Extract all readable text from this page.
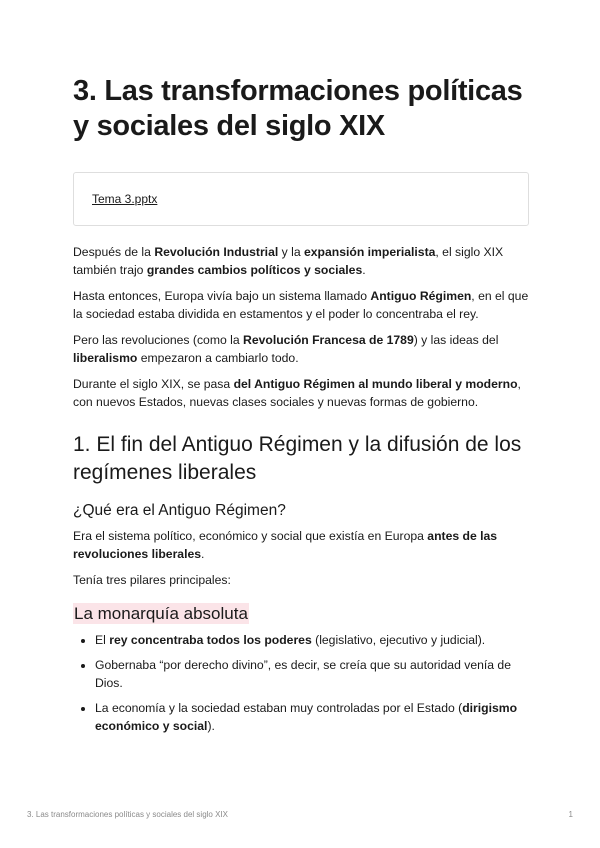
3. Las transformaciones políticas y sociales del siglo XIX
Tema 3.pptx

Después de la Revolución Industrial y la expansión imperialista, el siglo XIX también trajo grandes cambios políticos y sociales.

Hasta entonces, Europa vivía bajo un sistema llamado Antiguo Régimen, en el que la sociedad estaba dividida en estamentos y el poder lo concentraba el rey.

Pero las revoluciones (como la Revolución Francesa de 1789) y las ideas del liberalismo empezaron a cambiarlo todo.

Durante el siglo XIX, se pasa del Antiguo Régimen al mundo liberal y moderno, con nuevos Estados, nuevas clases sociales y nuevas formas de gobierno.

1. El fin del Antiguo Régimen y la difusión de los regímenes liberales
¿Qué era el Antiguo Régimen?

Era el sistema político, económico y social que existía en Europa antes de las revoluciones liberales.

Tenía tres pilares principales:

La monarquía absoluta
• El rey concentraba todos los poderes (legislativo, ejecutivo y judicial).
• Gobernaba “por derecho divino”, es decir, se creía que su autoridad venía de Dios.
• La economía y la sociedad estaban muy controladas por el Estado (dirigismo económico y social).
3. Las transformaciones políticas y sociales del siglo XIX	1
